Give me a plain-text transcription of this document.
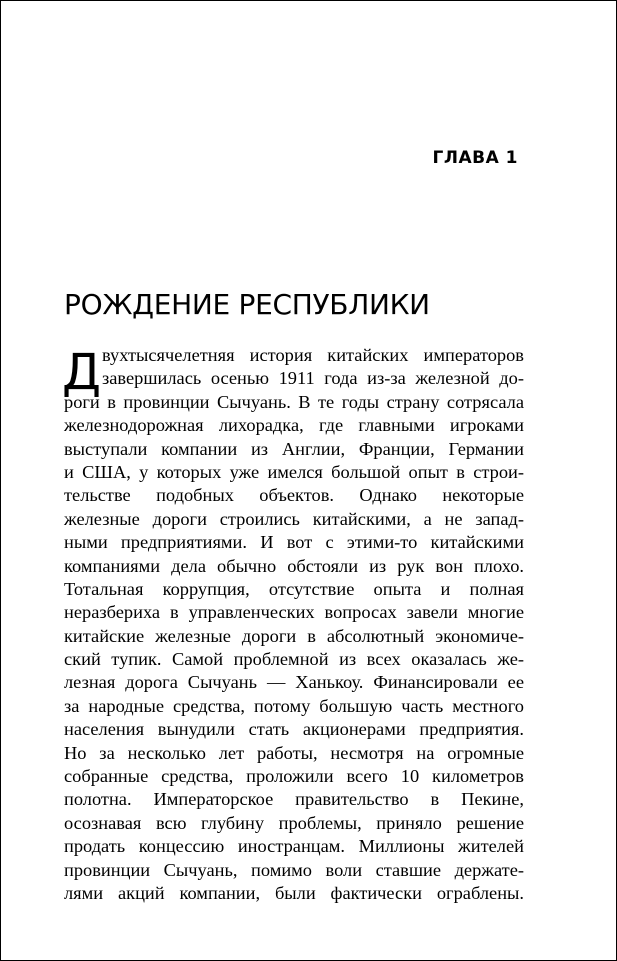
ГЛАВА 1
РОЖДЕНИЕ РЕСПУБЛИКИ
Д вухтысячелетняя история китайских императоров
завершилась осенью 1911 года из-за железной до-
роги в провинции Сычуань. В те годы страну сотрясала
железнодорожная лихорадка, где главными игроками
выступали компании из Англии, Франции, Германии
и США, у которых уже имелся большой опыт в строи-
тельстве подобных объектов. Однако некоторые
железные дороги строились китайскими, а не запад-
ными предприятиями. И вот с этими-то китайскими
компаниями дела обычно обстояли из рук вон плохо.
Тотальная коррупция, отсутствие опыта и полная
неразбериха в управленческих вопросах завели многие
китайские железные дороги в абсолютный экономиче-
ский тупик. Самой проблемной из всех оказалась же-
лезная дорога Сычуань — Ханькоу. Финансировали ее
за народные средства, потому большую часть местного
населения вынудили стать акционерами предприятия.
Но за несколько лет работы, несмотря на огромные
собранные средства, проложили всего 10 километров
полотна. Императорское правительство в Пекине,
осознавая всю глубину проблемы, приняло решение
продать концессию иностранцам. Миллионы жителей
провинции Сычуань, помимо воли ставшие держате-
лями акций компании, были фактически ограблены.
